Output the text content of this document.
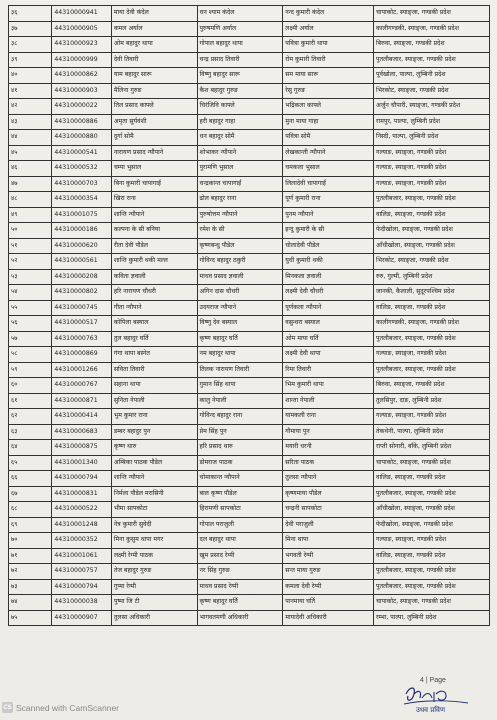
३६	44310000941	माया देवी कंदेल	धन श्याम कंदेल	नन्द कुमारी कंदेल	चापाकोट, स्याङ्जा, गण्डकी प्रदेश
३७	44310000905	कमल अर्याल	पुरुषमणि अर्याल	लक्ष्मी अर्याल	कालीगण्डकी, स्याङ्जा, गण्डकी प्रदेश
३८	44310000923	ओम बहादुर थापा	गोपाल बहादुर थापा	पवित्रा कुमारी थापा	बिरुवा, स्याङ्जा, गण्डकी प्रदेश
३९	44310000999	देवी तिवारी	चन्द्र प्रसाद तिवारी	रोम कुमारी तिवारी	पुतलीबजार, स्याङ्जा, गण्डकी प्रदेश
४०	44310000862	याम बहादुर सारू	विष्णु बहादुर सारू	सम माया सारू	पूर्वखोला, पाल्पा, लुम्बिनी प्रदेश
४१	44310000903	मैलिना गुरुङ	कैश बहादुर गुरुङ	रेसु गुरुङ	भिरकोट, स्याङ्जा, गण्डकी प्रदेश
४२	44310000022	तिल प्रसाद काफ्ले	चिरंजिवि काफ्ले	भद्रिकला काफ्ले	अर्जुन चौपारी, स्याङ्जा, गण्डकी प्रदेश
४३	44310000886	अमृता सुर्यवंशी	हरी बहादुर गाहा	मुना माया गाहा	रामपुर, पाल्पा, लुम्बिनी प्रदेश
४४	44310000880	दुर्गा सोमै	धन बहादुर सोमै	पवित्रा सोमै	निस्दी, पाल्पा, लुम्बिनी प्रदेश
४५	44310000541	नारायण प्रसाद न्यौपाने	शोभाकर न्यौपाने	लेखकान्ती न्यौपाने	गल्याङ, स्याङ्जा, गण्डकी प्रदेश
४६	44310000532	चम्पा भुसाल	पुरामणि भुसाल	चमकला भुसाल	गल्याङ, स्याङ्जा, गण्डकी प्रदेश
४७	44310000703	बिना कुमारी चापागाईं	चन्द्रकान्त चापागाईं	लिलादेवी चापागाईं	गल्याङ, स्याङ्जा, गण्डकी प्रदेश
४८	44310000354	खिरा राना	ढोल बहादुर राना	पूर्ण कुमारी राना	पुतलीबजार, स्याङ्जा, गण्डकी प्रदेश
४९	44310001075	शान्ति न्यौपाने	पुरुषोत्तम न्यौपाने	पुनम न्यौपाने	वालिङ, स्याङ्जा, गण्डकी प्रदेश
५०	44310000186	कल्पना के सी बनिया	रमेश के सी	इन्दु कुमारी के सी	फेदीखोला, स्याङ्जा, गण्डकी प्रदेश
५१	44310000620	रीता देवी पौडेल	कृष्णबन्धु पौडेल	चोलादेवी पौडेल	आँधीखोला, स्याङ्जा, गण्डकी प्रदेश
५२	44310000561	शान्ति कुमारी थकी मल्ल	गोविन्द बहादुर ठकुरी	युधी कुमारी थकी	भिरकोट, स्याङ्जा, गण्डकी प्रदेश
५३	44310000208	कविता ज्ञवाली	माधव प्रसाद ज्ञवाली	मिनकला ज्ञवाली	रुरु, गुल्मी, लुम्बिनी प्रदेश
५४	44310000802	हरि नारायण चौधरी	अगिन दास चौधरी	लक्ष्मी देवी चौधरी	जानकी, कैलाली, सुदूरपश्चिम प्रदेश
५५	44310000745	गीता न्यौपाने	उदयराज न्यौपाने	पूर्णकला न्यौपाने	वालिङ, स्याङ्जा, गण्डकी प्रदेश
५६	44310000517	कोपिला बस्याल	विष्णु देव बस्याल	वसुन्धरा बस्याल	कालीगण्डकी, स्याङ्जा, गण्डकी प्रदेश
५७	44310000763	तुल बहादुर घर्ति	कृष्ण बहादुर घर्ति	ओम माया घर्ति	पुतलीबजार, स्याङ्जा, गण्डकी प्रदेश
५८	44310000869	गंगा थापा बस्नेत	नम बहादुर थापा	लक्ष्मी देवी थापा	गल्याङ, स्याङ्जा, गण्डकी प्रदेश
५९	44310001266	सविता तिवारी	तिलक नारायण तिवारी	रिमा तिवारी	पुतलीबजार, स्याङ्जा, गण्डकी प्रदेश
६०	44310000767	सहाना थापा	गुमान सिंह थापा	भिम कुमारी थापा	बिरुवा, स्याङ्जा, गण्डकी प्रदेश
६१	44310000871	सुनिता नेपाली	कालु नेपाली	शान्ता नेपाली	तुलसिपुर, दाङ, लुम्बिनी प्रदेश
६२	44310000414	भुम कुमार राना	गोविन्द बहादुर राना	यामकली राना	गल्याङ, स्याङ्जा, गण्डकी प्रदेश
६३	44310000683	डम्बर बहादुर पुन	प्रेम सिंह पुन	गौमाया पुन	तेकथेनी, पाल्पा, लुम्बिनी प्रदेश
६४	44310000875	कृष्ण थारु	हरि प्रसाद थारु	मयारी धरनी	राप्ती सोनारी, बाँके, लुम्बिनी प्रदेश
६५	44310001340	अम्बिका पाठक पौडेल	डोमराज पाठक	सरिता पाठक	चापाकोट, स्याङ्जा, गण्डकी प्रदेश
६६	44310000794	शान्ति न्यौपाने	चोमाकान्त न्यौपाने	तुलसा न्यौपाने	वालिङ, स्याङ्जा, गण्डकी प्रदेश
६७	44310000831	निर्मला पौडेल मरासिनी	बाल कृष्ण पौडेल	कृष्णमाया पौडेल	पुतलीबजार, स्याङ्जा, गण्डकी प्रदेश
६८	44310000522	भीमा सापकोटा	हिरामणी सापकोटा	चन्द्रनी सापकोटा	आँधीखोला, स्याङ्जा, गण्डकी प्रदेश
६९	44310001248	नेत्र कुमारी सुवेदी	गोपाल पराजुली	देवी पराजुली	फेदीखोला, स्याङ्जा, गण्डकी प्रदेश
७०	44310000352	मिना कुसुम थापा मगर	दल बहादुर थापा	मिना थापा	गल्याङ, स्याङ्जा, गण्डकी प्रदेश
७१	44310001061	लक्ष्मी रेग्मी पाठक	खुम प्रसाद रेग्मी	भगवती रेग्मी	वालिङ, स्याङ्जा, गण्डकी प्रदेश
७२	44310000757	तेज बहादुर गुरुङ	नर सिंह गुरुङ	सन्त माया गुरुङ	पुतलीबजार, स्याङ्जा, गण्डकी प्रदेश
७३	44310000794	गुप्मा रेग्मी	माधव प्रसाद रेग्मी	कमला देवी रेग्मी	पुतलीबजार, स्याङ्जा, गण्डकी प्रदेश
७४	44310000038	पुष्पा जि टी	कृष्ण बहादुर घर्ति	पानमाया घर्ति	चापाकोट, स्याङ्जा, गण्डकी प्रदेश
७५	44310000907	तुलसा अधिकारी	भागवतमणी अधिकारी	मायादेवी अधिकारी	रम्भा, पाल्पा, लुम्बिनी प्रदेश
4 | Page
उधव प्रविण
CS Scanned with CamScanner
